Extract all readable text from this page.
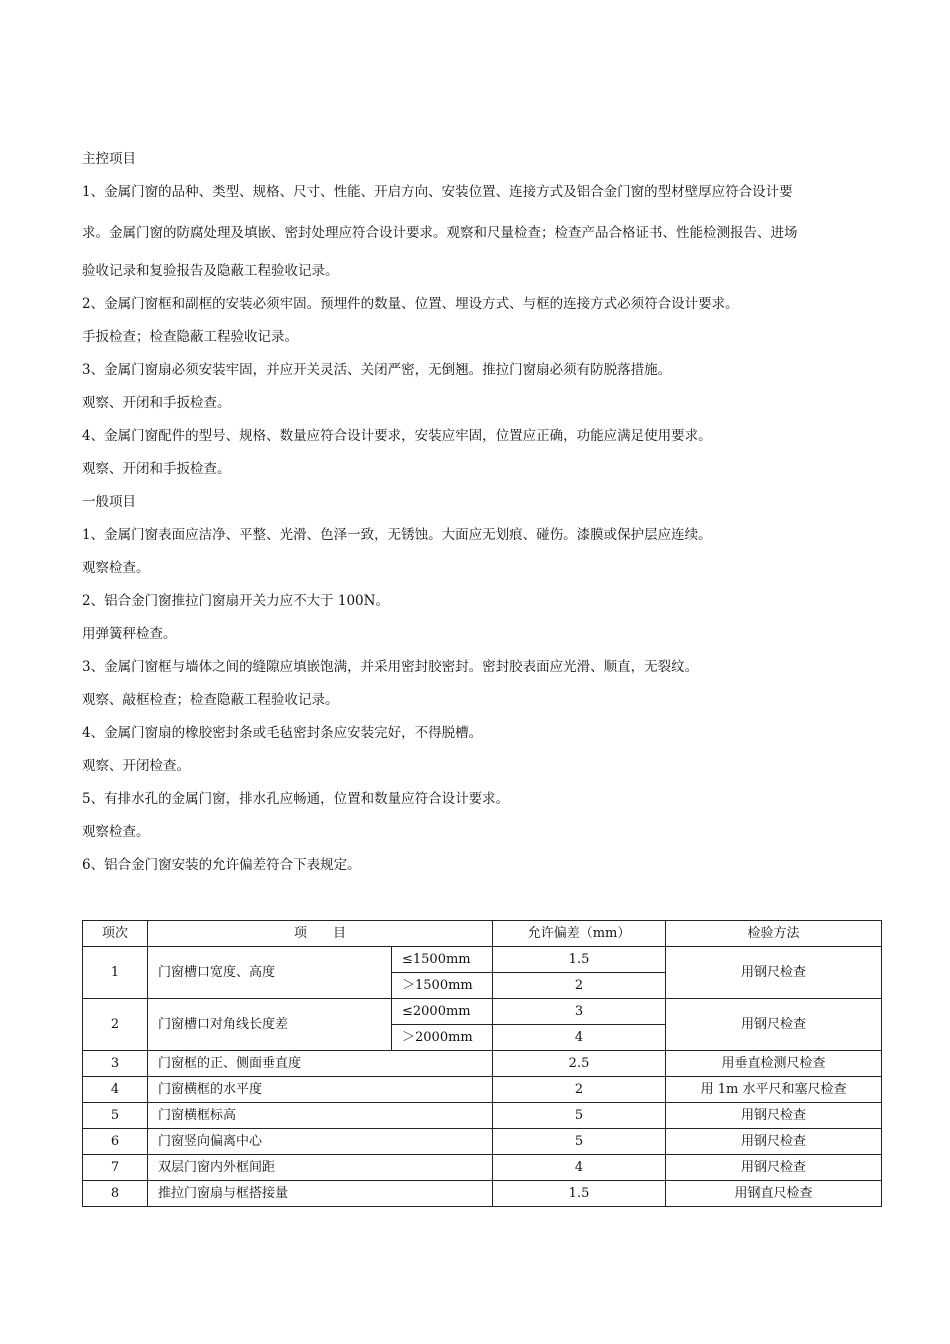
主控项目
1、金属门窗的品种、类型、规格、尺寸、性能、开启方向、安装位置、连接方式及铝合金门窗的型材壁厚应符合设计要
求。金属门窗的防腐处理及填嵌、密封处理应符合设计要求。观察和尺量检查；检查产品合格证书、性能检测报告、进场
验收记录和复验报告及隐蔽工程验收记录。
2、金属门窗框和副框的安装必须牢固。预埋件的数量、位置、埋设方式、与框的连接方式必须符合设计要求。
手扳检查；检查隐蔽工程验收记录。
3、金属门窗扇必须安装牢固，并应开关灵活、关闭严密，无倒翘。推拉门窗扇必须有防脱落措施。
观察、开闭和手扳检查。
4、金属门窗配件的型号、规格、数量应符合设计要求，安装应牢固，位置应正确，功能应满足使用要求。
观察、开闭和手扳检查。
一般项目
1、金属门窗表面应洁净、平整、光滑、色泽一致，无锈蚀。大面应无划痕、碰伤。漆膜或保护层应连续。
观察检查。
2、铝合金门窗推拉门窗扇开关力应不大于 100N。
用弹簧秤检查。
3、金属门窗框与墙体之间的缝隙应填嵌饱满，并采用密封胶密封。密封胶表面应光滑、顺直，无裂纹。
观察、敲框检查；检查隐蔽工程验收记录。
4、金属门窗扇的橡胶密封条或毛毡密封条应安装完好，不得脱槽。
观察、开闭检查。
5、有排水孔的金属门窗，排水孔应畅通，位置和数量应符合设计要求。
观察检查。
6、铝合金门窗安装的允许偏差符合下表规定。
项次	项　　目		允许偏差（mm）	检验方法
1	门窗槽口宽度、高度	≤1500mm	1.5	用钢尺检查
		＞1500mm	2	
2	门窗槽口对角线长度差	≤2000mm	3	用钢尺检查
		＞2000mm	4	
3	门窗框的正、侧面垂直度		2.5	用垂直检测尺检查
4	门窗横框的水平度		2	用 1m 水平尺和塞尺检查
5	门窗横框标高		5	用钢尺检查
6	门窗竖向偏离中心		5	用钢尺检查
7	双层门窗内外框间距		4	用钢尺检查
8	推拉门窗扇与框搭接量		1.5	用钢直尺检查
